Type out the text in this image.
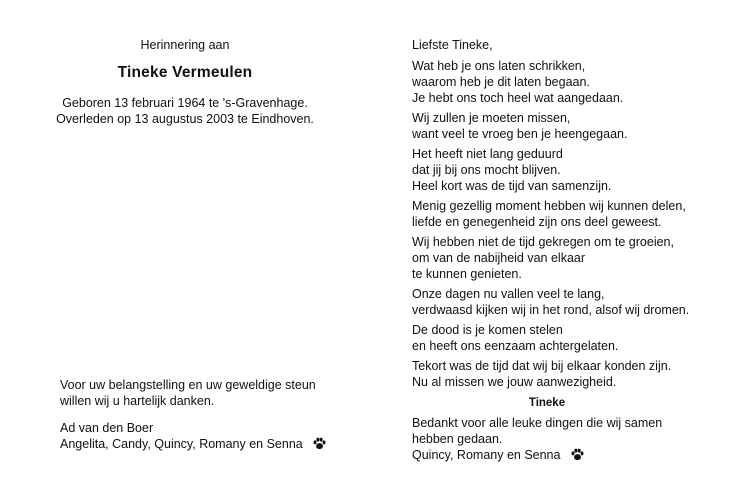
Herinnering aan
Tineke Vermeulen
Geboren 13 februari 1964 te 's-Gravenhage.
Overleden op 13 augustus 2003 te Eindhoven.
Voor uw belangstelling en uw geweldige steun
willen wij u hartelijk danken.
Ad van den Boer
Angelita, Candy, Quincy, Romany en Senna
Liefste Tineke,
Wat heb je ons laten schrikken,
waarom heb je dit laten begaan.
Je hebt ons toch heel wat aangedaan.
Wij zullen je moeten missen,
want veel te vroeg ben je heengegaan.
Het heeft niet lang geduurd
dat jij bij ons mocht blijven.
Heel kort was de tijd van samenzijn.
Menig gezellig moment hebben wij kunnen delen,
liefde en genegenheid zijn ons deel geweest.
Wij hebben niet de tijd gekregen om te groeien,
om van de nabijheid van elkaar
te kunnen genieten.
Onze dagen nu vallen veel te lang,
verdwaasd kijken wij in het rond, alsof wij dromen.
De dood is je komen stelen
en heeft ons eenzaam achtergelaten.
Tekort was de tijd dat wij bij elkaar konden zijn.
Nu al missen we jouw aanwezigheid.
Tineke
Bedankt voor alle leuke dingen die wij samen
hebben gedaan.
Quincy, Romany en Senna
